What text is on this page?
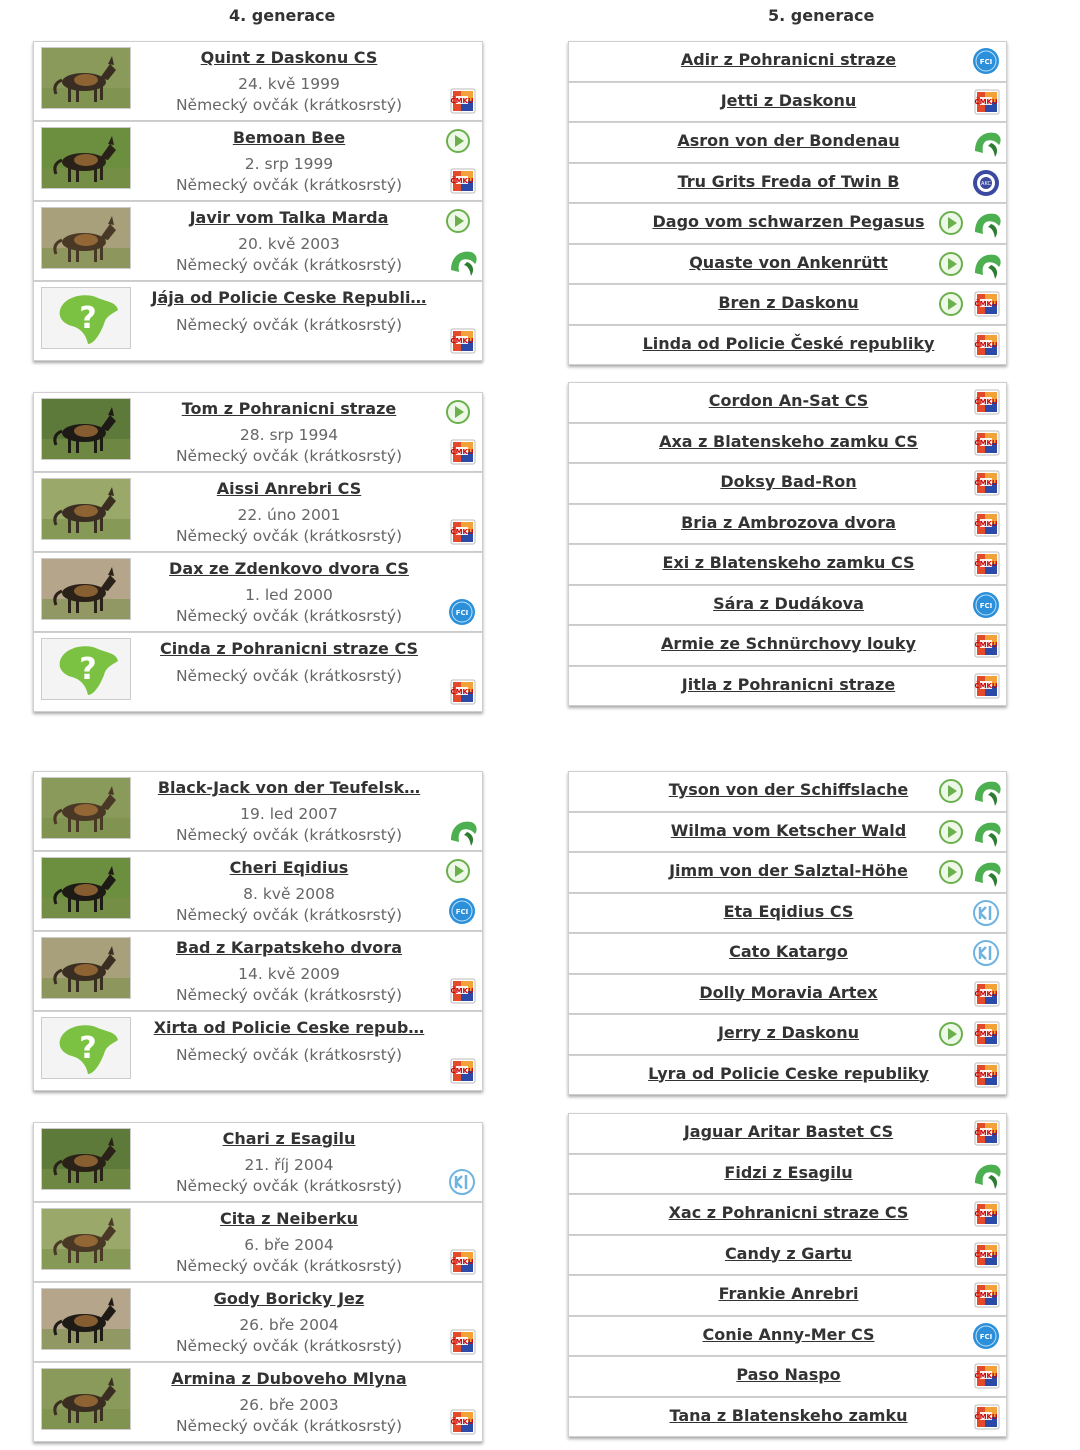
4. generace	5. generace
Quint z Daskonu CS
24. kvě 1999
Německý ovčák (krátkosrstý)	ČMKU
Bemoan Bee
2. srp 1999
Německý ovčák (krátkosrstý)	ČMKU
Javir vom Talka Marda
20. kvě 2003
Německý ovčák (krátkosrstý)
?
Jája od Policie Ceske Republi…
Německý ovčák (krátkosrstý)
ČMKU
Tom z Pohranicni straze
28. srp 1994
Německý ovčák (krátkosrstý)	ČMKU
Aissi Anrebri CS
22. úno 2001
Německý ovčák (krátkosrstý)	ČMKU
Dax ze Zdenkovo dvora CS
1. led 2000
Německý ovčák (krátkosrstý)	FCI
?
Cinda z Pohranicni straze CS
Německý ovčák (krátkosrstý)
ČMKU
Black-Jack von der Teufelsk…
19. led 2007
Německý ovčák (krátkosrstý)
Cheri Eqidius
8. kvě 2008
Německý ovčák (krátkosrstý)	FCI
Bad z Karpatskeho dvora
14. kvě 2009
Německý ovčák (krátkosrstý)	ČMKU
?
Xirta od Policie Ceske repub…
Německý ovčák (krátkosrstý)
ČMKU
Chari z Esagilu
21. říj 2004
Německý ovčák (krátkosrstý)
Cita z Neiberku
6. bře 2004
Německý ovčák (krátkosrstý)	ČMKU
Gody Boricky Jez
26. bře 2004
Německý ovčák (krátkosrstý)	ČMKU
Armina z Duboveho Mlyna
26. bře 2003
Německý ovčák (krátkosrstý)	ČMKU
Adir z Pohranicni straze	FCI
Jetti z Daskonu	ČMKU
Asron von der Bondenau
Tru Grits Freda of Twin B	AKC
Dago vom schwarzen Pegasus
Quaste von Ankenrütt
Bren z Daskonu	ČMKU
Linda od Policie České republiky	ČMKU
Cordon An-Sat CS	ČMKU
Axa z Blatenskeho zamku CS	ČMKU
Doksy Bad-Ron	ČMKU
Bria z Ambrozova dvora	ČMKU
Exi z Blatenskeho zamku CS	ČMKU
Sára z Dudákova	FCI
Armie ze Schnürchovy louky	ČMKU
Jitla z Pohranicni straze	ČMKU
Tyson von der Schiffslache
Wilma vom Ketscher Wald
Jimm von der Salztal-Höhe
Eta Eqidius CS
Cato Katargo
Dolly Moravia Artex	ČMKU
Jerry z Daskonu	ČMKU
Lyra od Policie Ceske republiky	ČMKU
Jaguar Aritar Bastet CS	ČMKU
Fidzi z Esagilu
Xac z Pohranicni straze CS	ČMKU
Candy z Gartu	ČMKU
Frankie Anrebri	ČMKU
Conie Anny-Mer CS	FCI
Paso Naspo	ČMKU
Tana z Blatenskeho zamku	ČMKU
